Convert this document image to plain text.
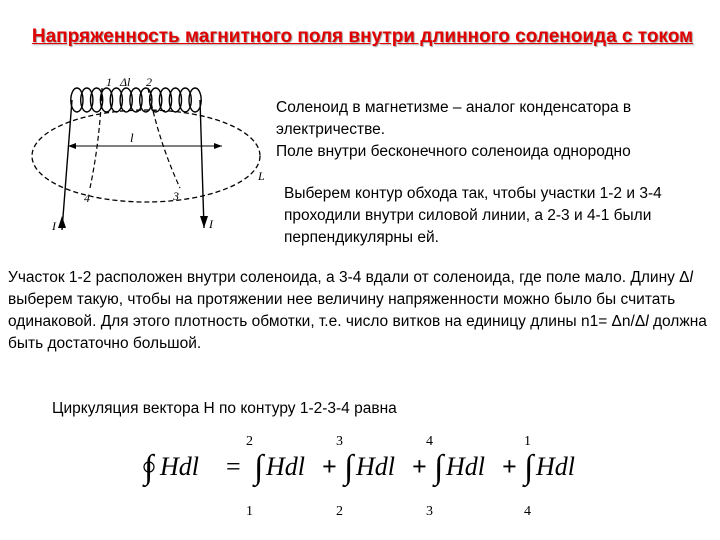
Напряженность магнитного поля внутри длинного соленоида с током
1 Δl 2
l
4	3
I	I
L
Соленоид в магнетизме – аналог конденсатора в электричестве.
Поле внутри бесконечного соленоида однородно
Выберем контур обхода так, чтобы участки 1-2 и 3-4 проходили внутри силовой линии, а 2-3 и 4-1 были перпендикулярны ей.
Участок 1-2 расположен внутри соленоида, а 3-4 вдали от соленоида, где поле мало. Длину Δl выберем такую, чтобы на протяжении нее величину напряженности можно было бы считать одинаковой. Для этого плотность обмотки, т.е. число витков на единицу длины n1= Δn/Δl должна быть достаточно большой.
Циркуляция вектора Н по контуру 1-2-3-4 равна
∫ Hdl = ∫
2
1
Hdl + ∫
3
2
Hdl + ∫
4
3
Hdl + ∫
1
4
Hdl
